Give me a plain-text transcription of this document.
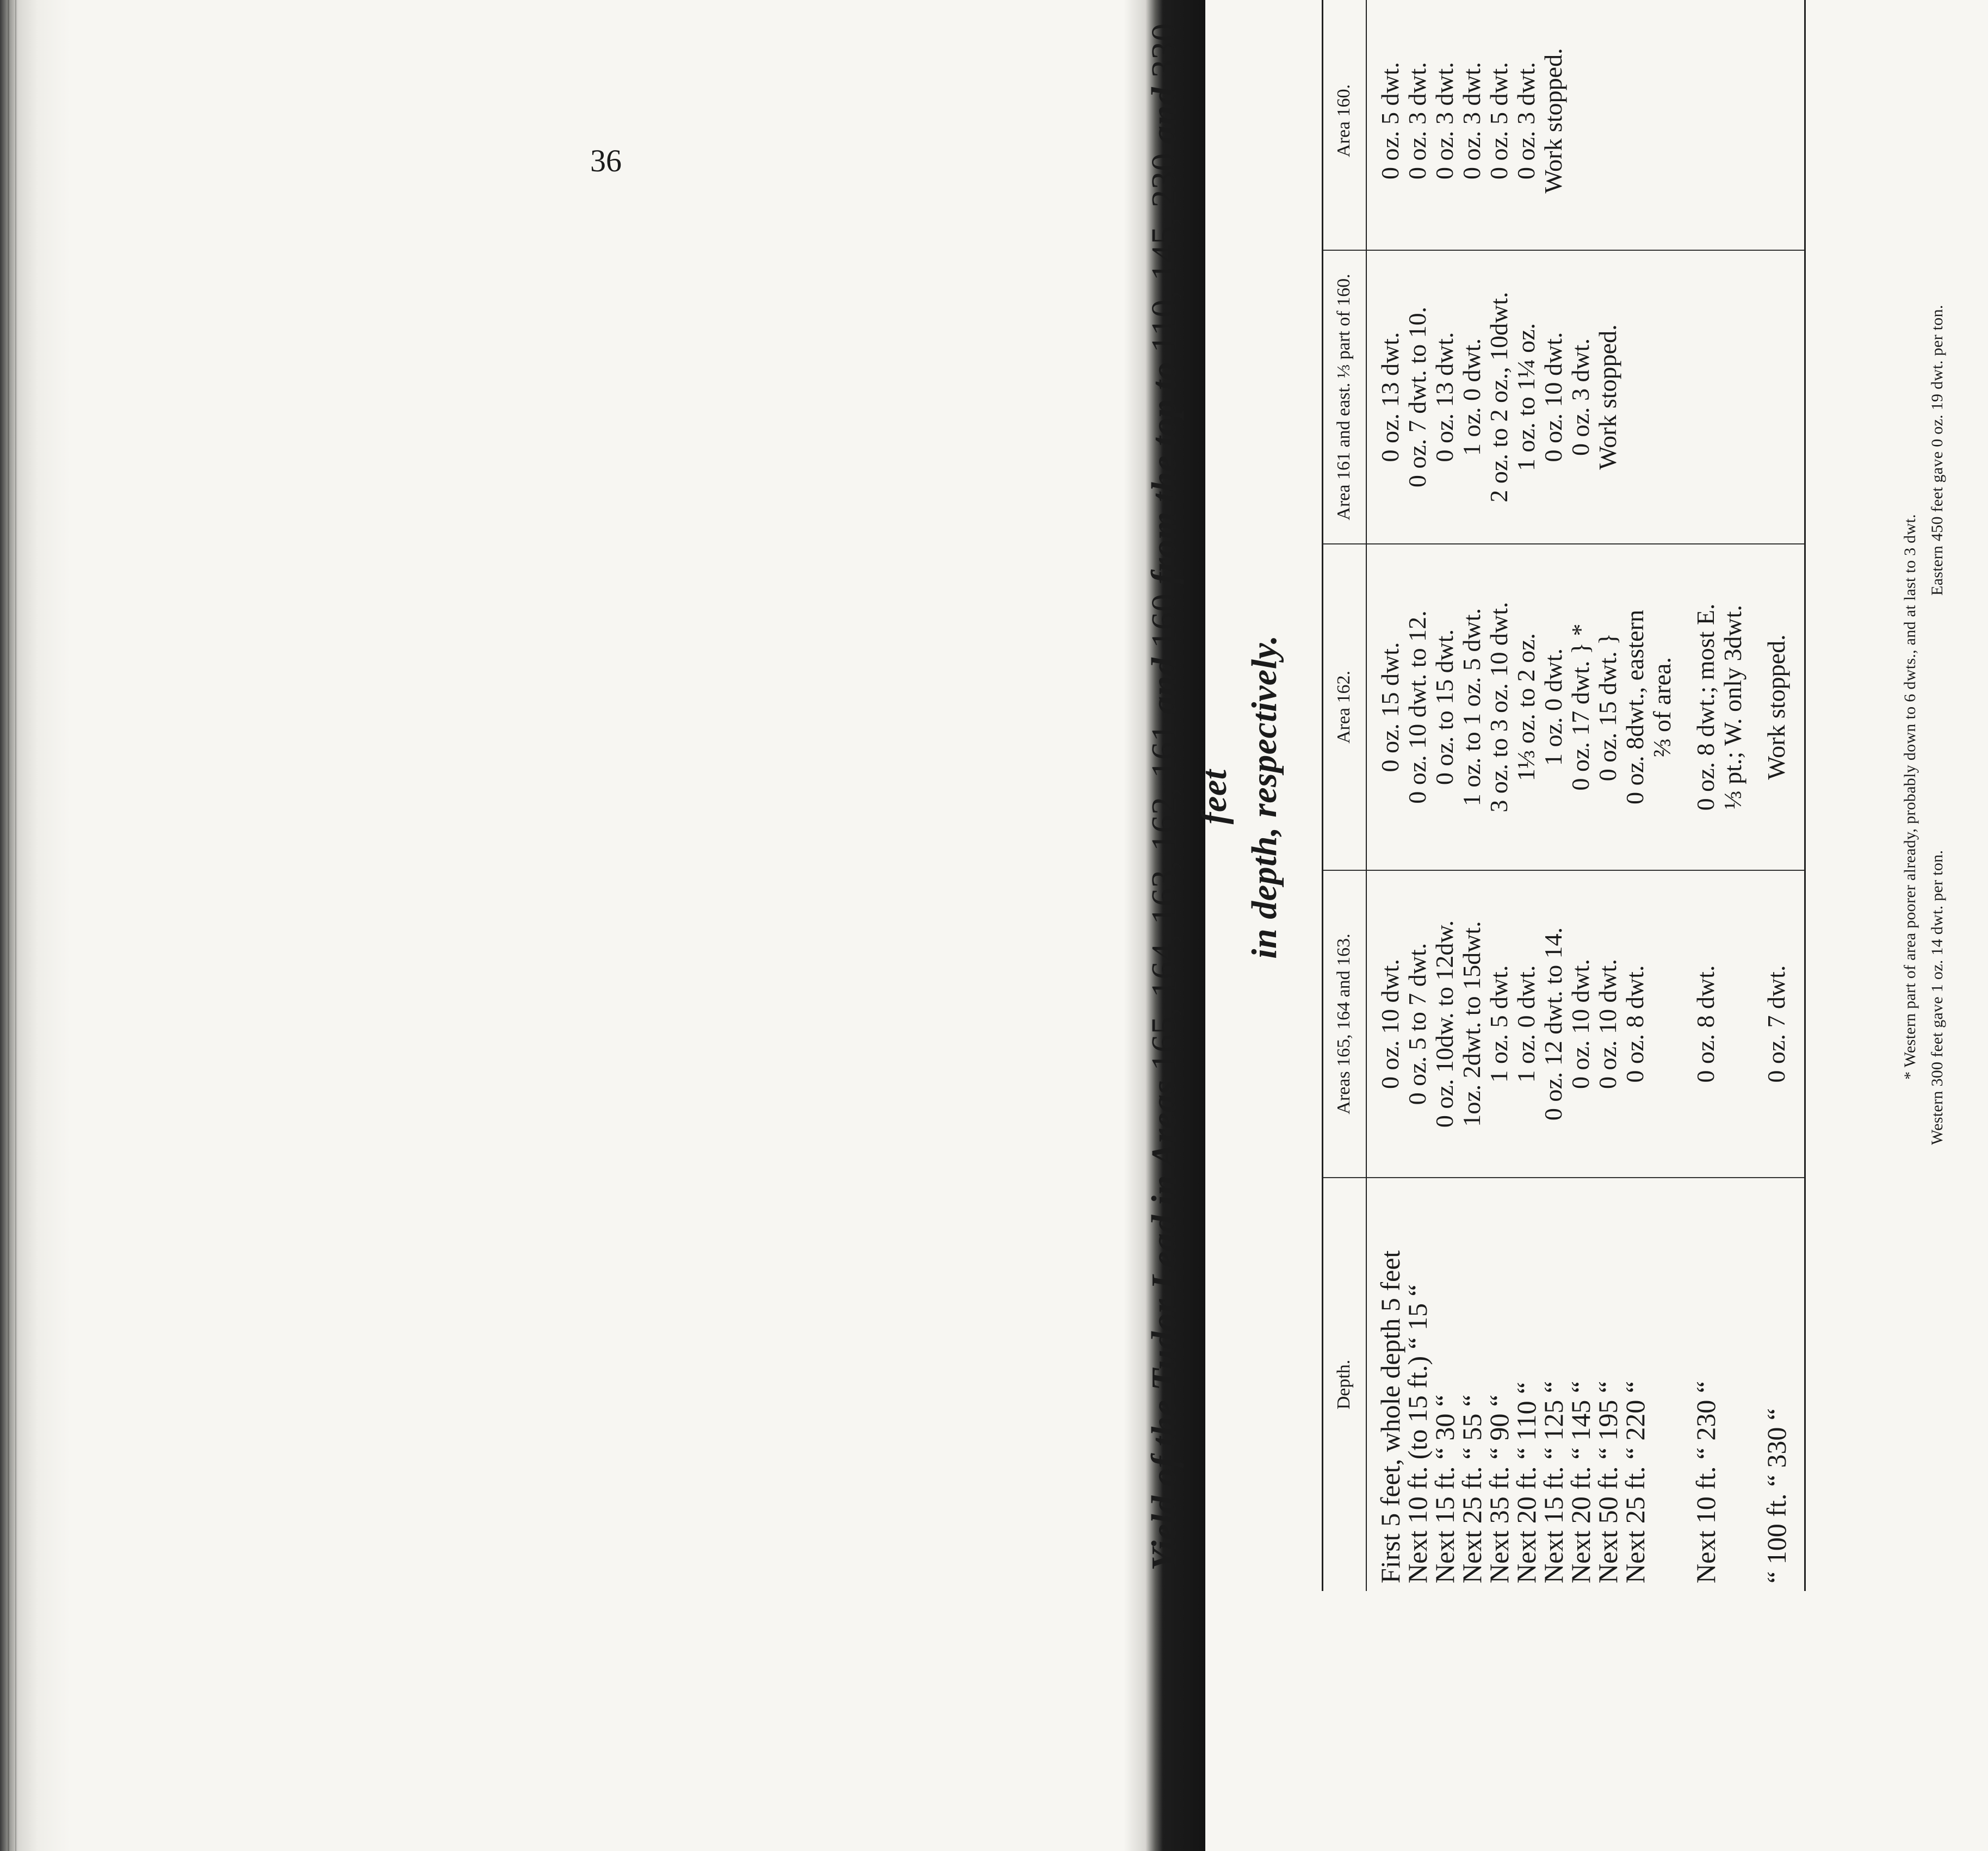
36
Yield of the Tudor Lead in Areas 165, 164, 163, 162, 161 and 160 from the top to 110, 145, 230 and 330 feet in depth, respectively.
Depth.	Areas 165, 164 and 163.	Area 162.	Area 161 and east. ⅓ part of 160.	Area 160.
First 5 feet, whole depth 5 feet	0 oz. 10 dwt.	0 oz. 15 dwt.	0 oz. 13 dwt.	0 oz. 5 dwt.
Next 10 ft. (to 15 ft.) “ 15 “	0 oz. 5 to 7 dwt.	0 oz. 10 dwt. to 12.	0 oz. 7 dwt. to 10.	0 oz. 3 dwt.
Next 15 ft. “ 30 “	0 oz. 10dw. to 12dw.	0 oz. to 15 dwt.	0 oz. 13 dwt.	0 oz. 3 dwt.
Next 25 ft. “ 55 “	1oz. 2dwt. to 15dwt.	1 oz. to 1 oz. 5 dwt.	1 oz. 0 dwt.	0 oz. 3 dwt.
Next 35 ft. “ 90 “	1 oz. 5 dwt.	3 oz. to 3 oz. 10 dwt.	2 oz. to 2 oz., 10dwt.	0 oz. 5 dwt.
Next 20 ft. “ 110 “	1 oz. 0 dwt.	1⅓ oz. to 2 oz.	1 oz. to 1¼ oz.	0 oz. 3 dwt.
Next 15 ft. “ 125 “	0 oz. 12 dwt. to 14.	1 oz. 0 dwt.	0 oz. 10 dwt.	Work stopped.
Next 20 ft. “ 145 “	0 oz. 10 dwt.	0 oz. 17 dwt. } *	0 oz. 3 dwt.	
Next 50 ft. “ 195 “	0 oz. 10 dwt.	0 oz. 15 dwt. }	Work stopped.	
Next 25 ft. “ 220 “	0 oz. 8 dwt.	0 oz. 8dwt., eastern		
		⅔ of area.		
Next 10 ft. “ 230 “	0 oz. 8 dwt.	0 oz. 8 dwt.; most E.		
		⅓ pt.; W. only 3dwt.		
“ 100 ft. “ 330 “	0 oz. 7 dwt.	Work stopped.			* Western part of area poorer already, probably down to 6 dwts., and at last to 3 dwt. Western 300 feet gave 1 oz. 14 dwt. per ton.
Eastern 450 feet gave 0 oz. 19 dwt. per ton.
